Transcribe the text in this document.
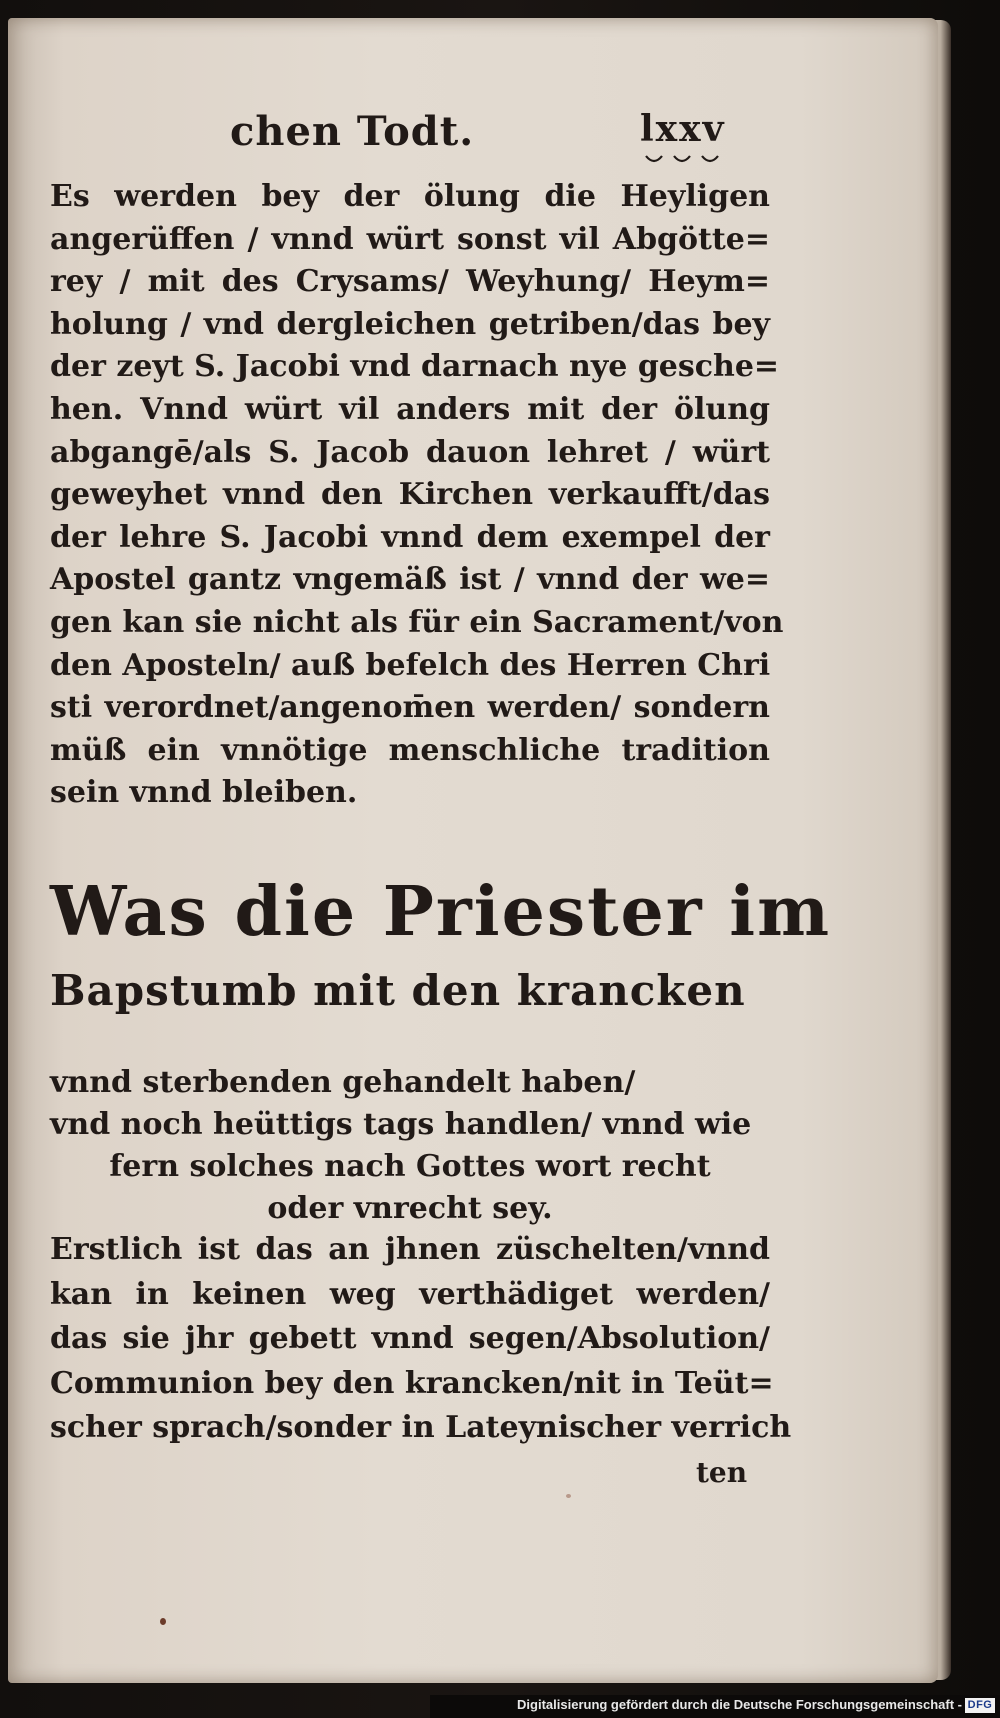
chen Todt.	lxxv
Es werden bey der ölung die Heyligen
angerüffen / vnnd würt sonst vil Abgötte=
rey / mit des Crysams/ Weyhung/ Heym=
holung / vnd dergleichen getriben/das bey
der zeyt S. Jacobi vnd darnach nye gesche=
hen. Vnnd würt vil anders mit der ölung
abgangē/als S. Jacob dauon lehret / würt
geweyhet vnnd den Kirchen verkaufft/das
der lehre S. Jacobi vnnd dem exempel der
Apostel gantz vngemäß ist / vnnd der we=
gen kan sie nicht als für ein Sacrament/von
den Aposteln/ auß befelch des Herren Chri
sti verordnet/angenom̄en werden/ sondern
müß ein vnnötige menschliche tradition
sein vnnd bleiben.
Was die Priester im
Bapstumb mit den krancken
vnnd sterbenden gehandelt haben/
vnd noch heüttigs tags handlen/ vnnd wie
fern solches nach Gottes wort recht
oder vnrecht sey.
Erstlich ist das an jhnen züschelten/vnnd
kan in keinen weg verthädiget werden/
das sie jhr gebett vnnd segen/Absolution/
Communion bey den krancken/nit in Teüt=
scher sprach/sonder in Lateynischer verrich
ten
Digitalisierung gefördert durch die Deutsche Forschungsgemeinschaft - DFG
